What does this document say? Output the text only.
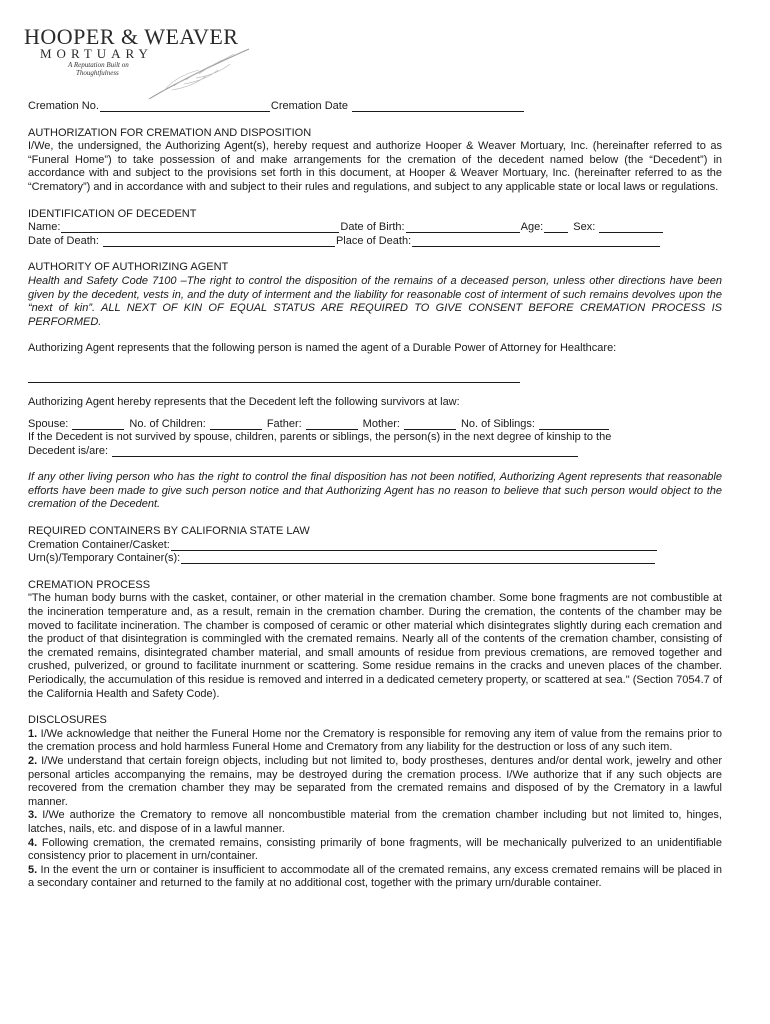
HOOPER & WEAVER
MORTUARY
A Reputation Built on
Thoughtfulness

Cremation No.	Cremation Date

AUTHORIZATION FOR CREMATION AND DISPOSITION

I/We, the undersigned, the Authorizing Agent(s), hereby request and authorize Hooper & Weaver Mortuary, Inc. (hereinafter referred to as “Funeral Home”) to take possession of and make arrangements for the cremation of the decedent named below (the “Decedent”) in accordance with and subject to the provisions set forth in this document, at Hooper & Weaver Mortuary, Inc. (hereinafter referred to as the “Crematory”) and in accordance with and subject to their rules and regulations, and subject to any applicable state or local laws or regulations.

IDENTIFICATION OF DECEDENT

Name:	Date of Birth:	Age:	Sex:

Date of Death:	Place of Death:

AUTHORITY OF AUTHORIZING AGENT

Health and Safety Code 7100 –The right to control the disposition of the remains of a deceased person, unless other directions have been given by the decedent, vests in, and the duty of interment and the liability for reasonable cost of interment of such remains devolves upon the “next of kin”. ALL NEXT OF KIN OF EQUAL STATUS ARE REQUIRED TO GIVE CONSENT BEFORE CREMATION PROCESS IS PERFORMED.

Authorizing Agent represents that the following person is named the agent of a Durable Power of Attorney for Healthcare:

Authorizing Agent hereby represents that the Decedent left the following survivors at law:

Spouse:	No. of Children:	Father:	Mother:	No. of Siblings:

If the Decedent is not survived by spouse, children, parents or siblings, the person(s) in the next degree of kinship to the

Decedent is/are:

If any other living person who has the right to control the final disposition has not been notified, Authorizing Agent represents that reasonable efforts have been made to give such person notice and that Authorizing Agent has no reason to believe that such person would object to the cremation of the Decedent.

REQUIRED CONTAINERS BY CALIFORNIA STATE LAW

Cremation Container/Casket:

Urn(s)/Temporary Container(s):

CREMATION PROCESS

"The human body burns with the casket, container, or other material in the cremation chamber. Some bone fragments are not combustible at the incineration temperature and, as a result, remain in the cremation chamber. During the cremation, the contents of the chamber may be moved to facilitate incineration. The chamber is composed of ceramic or other material which disintegrates slightly during each cremation and the product of that disintegration is commingled with the cremated remains. Nearly all of the contents of the cremation chamber, consisting of the cremated remains, disintegrated chamber material, and small amounts of residue from previous cremations, are removed together and crushed, pulverized, or ground to facilitate inurnment or scattering. Some residue remains in the cracks and uneven places of the chamber. Periodically, the accumulation of this residue is removed and interred in a dedicated cemetery property, or scattered at sea." (Section 7054.7 of the California Health and Safety Code).

DISCLOSURES

1. I/We acknowledge that neither the Funeral Home nor the Crematory is responsible for removing any item of value from the remains prior to the cremation process and hold harmless Funeral Home and Crematory from any liability for the destruction or loss of any such item.

2. I/We understand that certain foreign objects, including but not limited to, body prostheses, dentures and/or dental work, jewelry and other personal articles accompanying the remains, may be destroyed during the cremation process. I/We authorize that if any such objects are recovered from the cremation chamber they may be separated from the cremated remains and disposed of by the Crematory in a lawful manner.

3. I/We authorize the Crematory to remove all noncombustible material from the cremation chamber including but not limited to, hinges, latches, nails, etc. and dispose of in a lawful manner.

4. Following cremation, the cremated remains, consisting primarily of bone fragments, will be mechanically pulverized to an unidentifiable consistency prior to placement in urn/container.

5. In the event the urn or container is insufficient to accommodate all of the cremated remains, any excess cremated remains will be placed in a secondary container and returned to the family at no additional cost, together with the primary urn/durable container.
